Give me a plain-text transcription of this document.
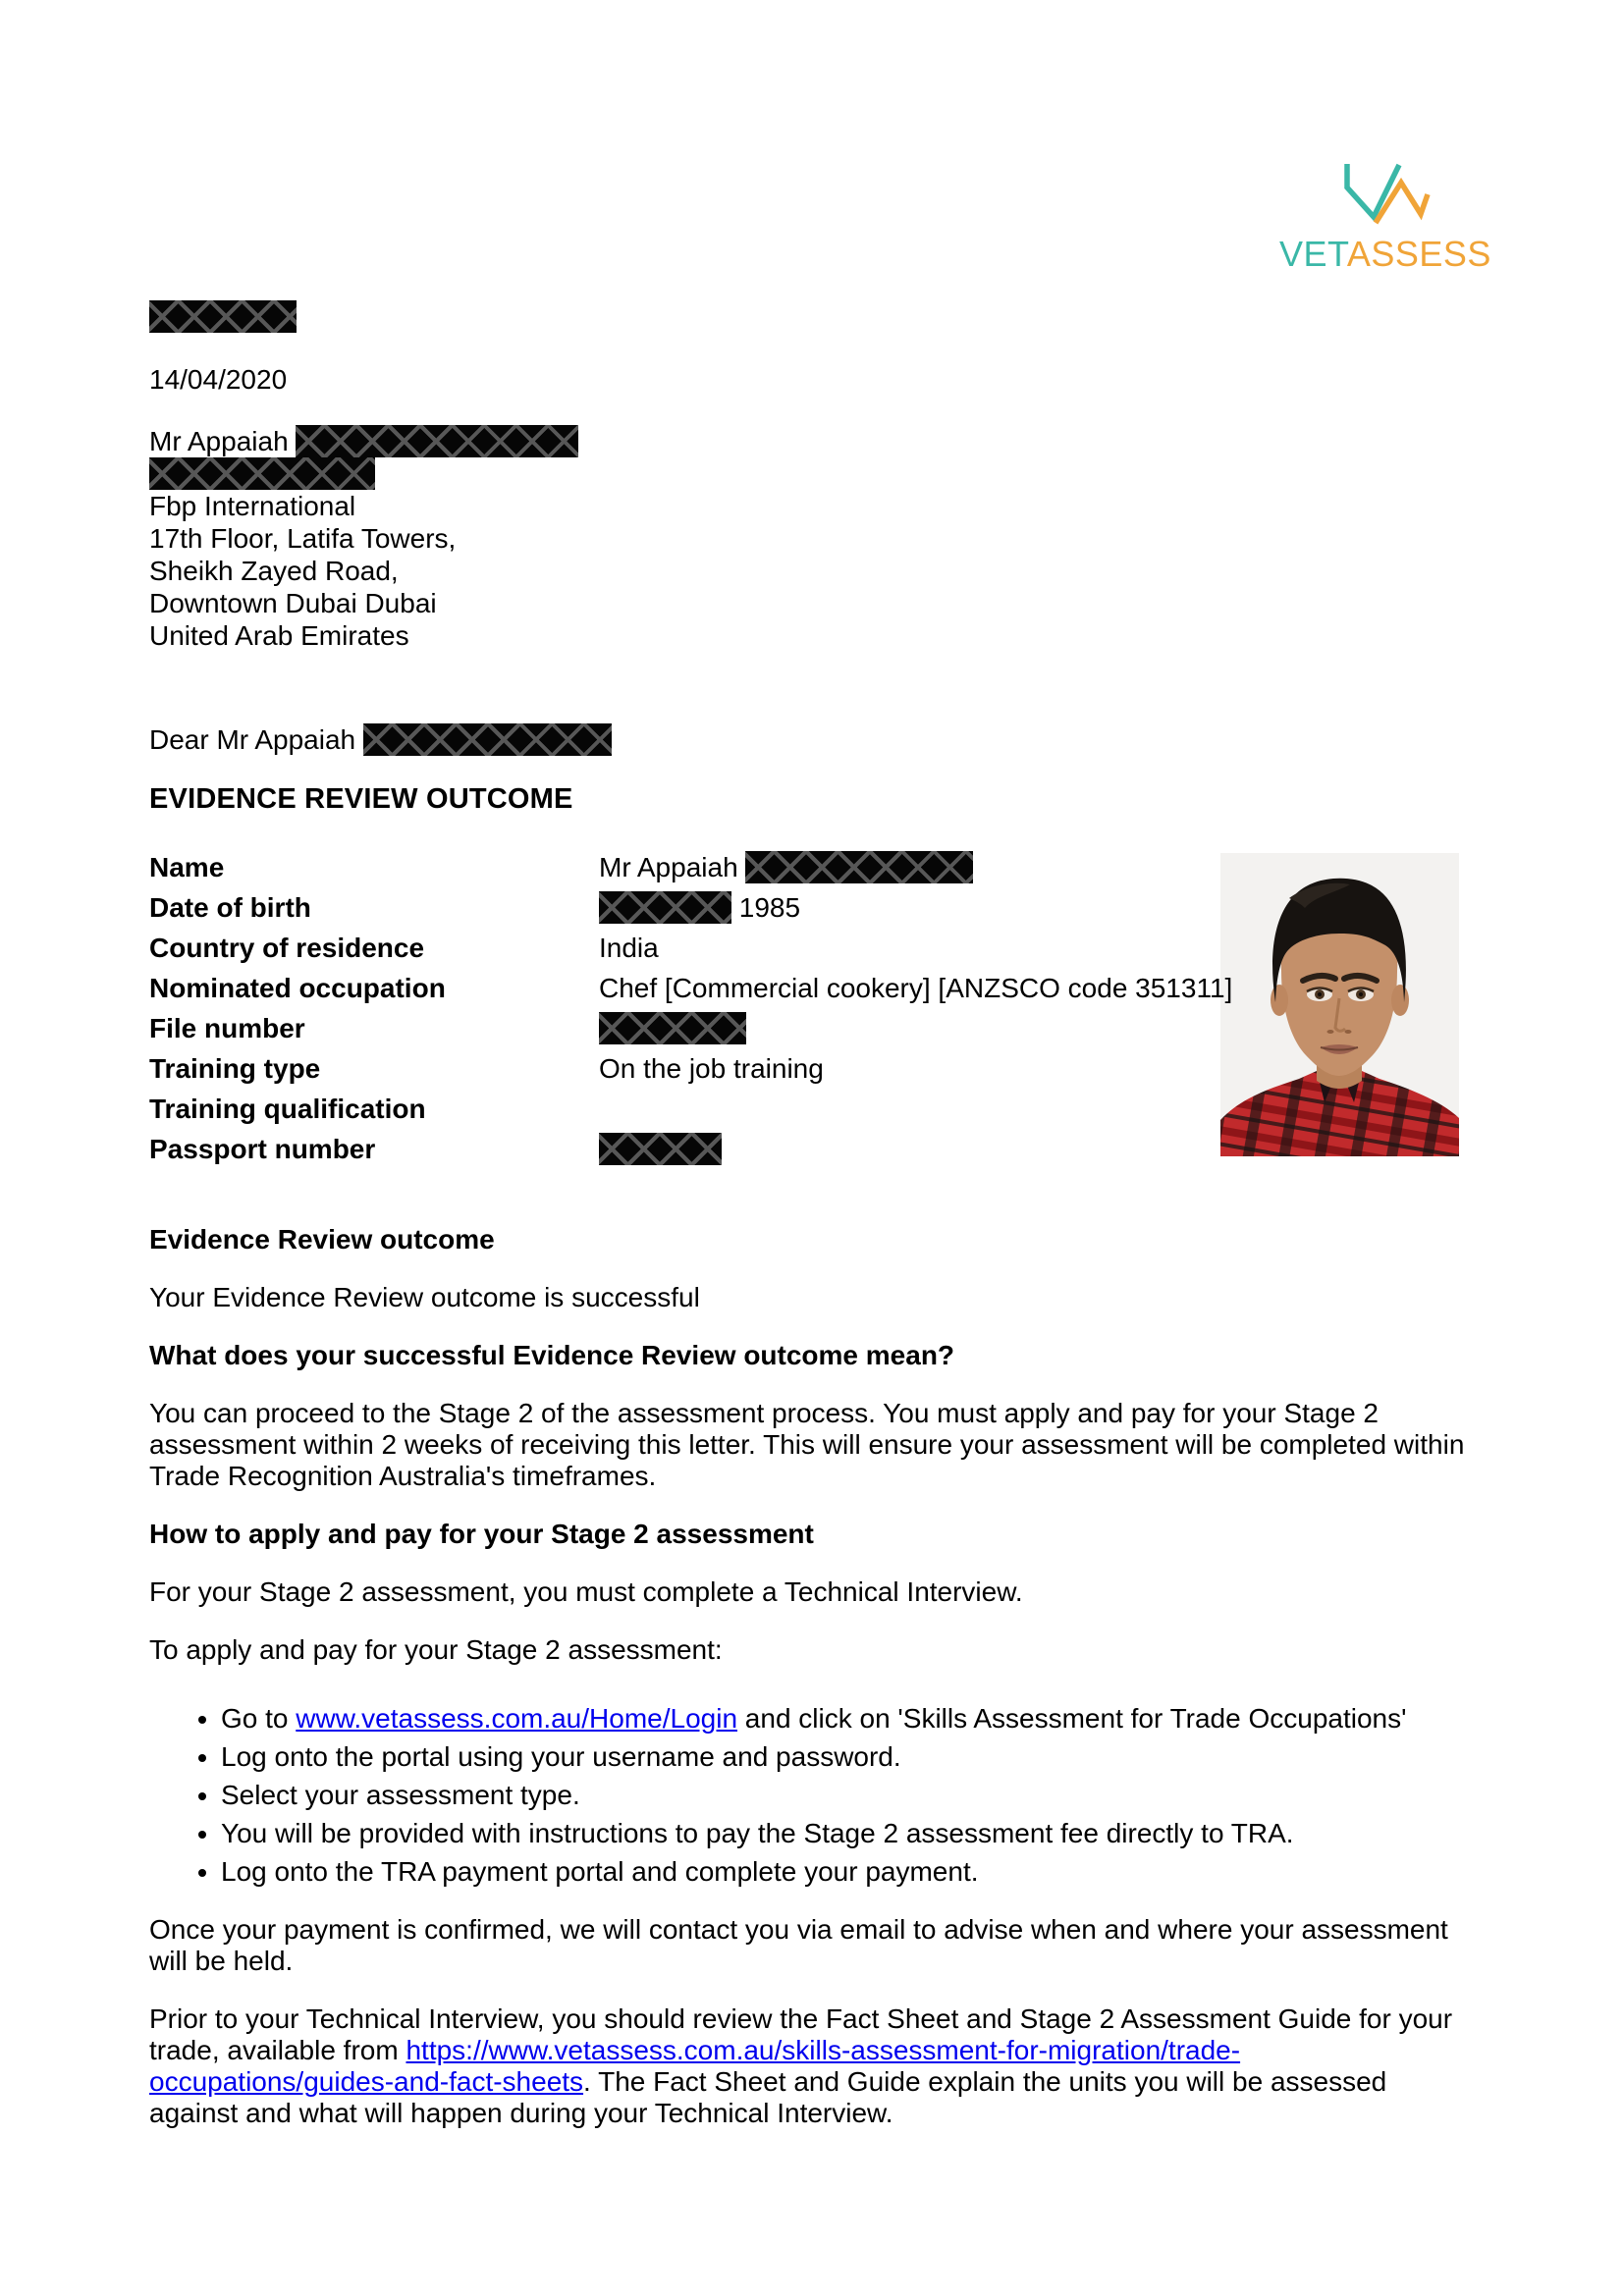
VETASSESS
14/04/2020
Mr Appaiah
Fbp International
17th Floor, Latifa Towers,
Sheikh Zayed Road,
Downtown Dubai Dubai
United Arab Emirates
Dear Mr Appaiah
EVIDENCE REVIEW OUTCOME
Name	Mr Appaiah
Date of birth	1985
Country of residence	India
Nominated occupation	Chef [Commercial cookery] [ANZSCO code 351311]
File number	
Training type	On the job training
Training qualification	
Passport number	
Evidence Review outcome

Your Evidence Review outcome is successful

What does your successful Evidence Review outcome mean?

You can proceed to the Stage 2 of the assessment process. You must apply and pay for your Stage 2 assessment within 2 weeks of receiving this letter. This will ensure your assessment will be completed within Trade Recognition Australia's timeframes.

How to apply and pay for your Stage 2 assessment

For your Stage 2 assessment, you must complete a Technical Interview.

To apply and pay for your Stage 2 assessment:

• Go to www.vetassess.com.au/Home/Login and click on 'Skills Assessment for Trade Occupations'
• Log onto the portal using your username and password.
• Select your assessment type.
• You will be provided with instructions to pay the Stage 2 assessment fee directly to TRA.
• Log onto the TRA payment portal and complete your payment.

Once your payment is confirmed, we will contact you via email to advise when and where your assessment will be held.

Prior to your Technical Interview, you should review the Fact Sheet and Stage 2 Assessment Guide for your trade, available from https://www.vetassess.com.au/skills-assessment-for-migration/trade-occupations/guides-and-fact-sheets. The Fact Sheet and Guide explain the units you will be assessed against and what will happen during your Technical Interview.
